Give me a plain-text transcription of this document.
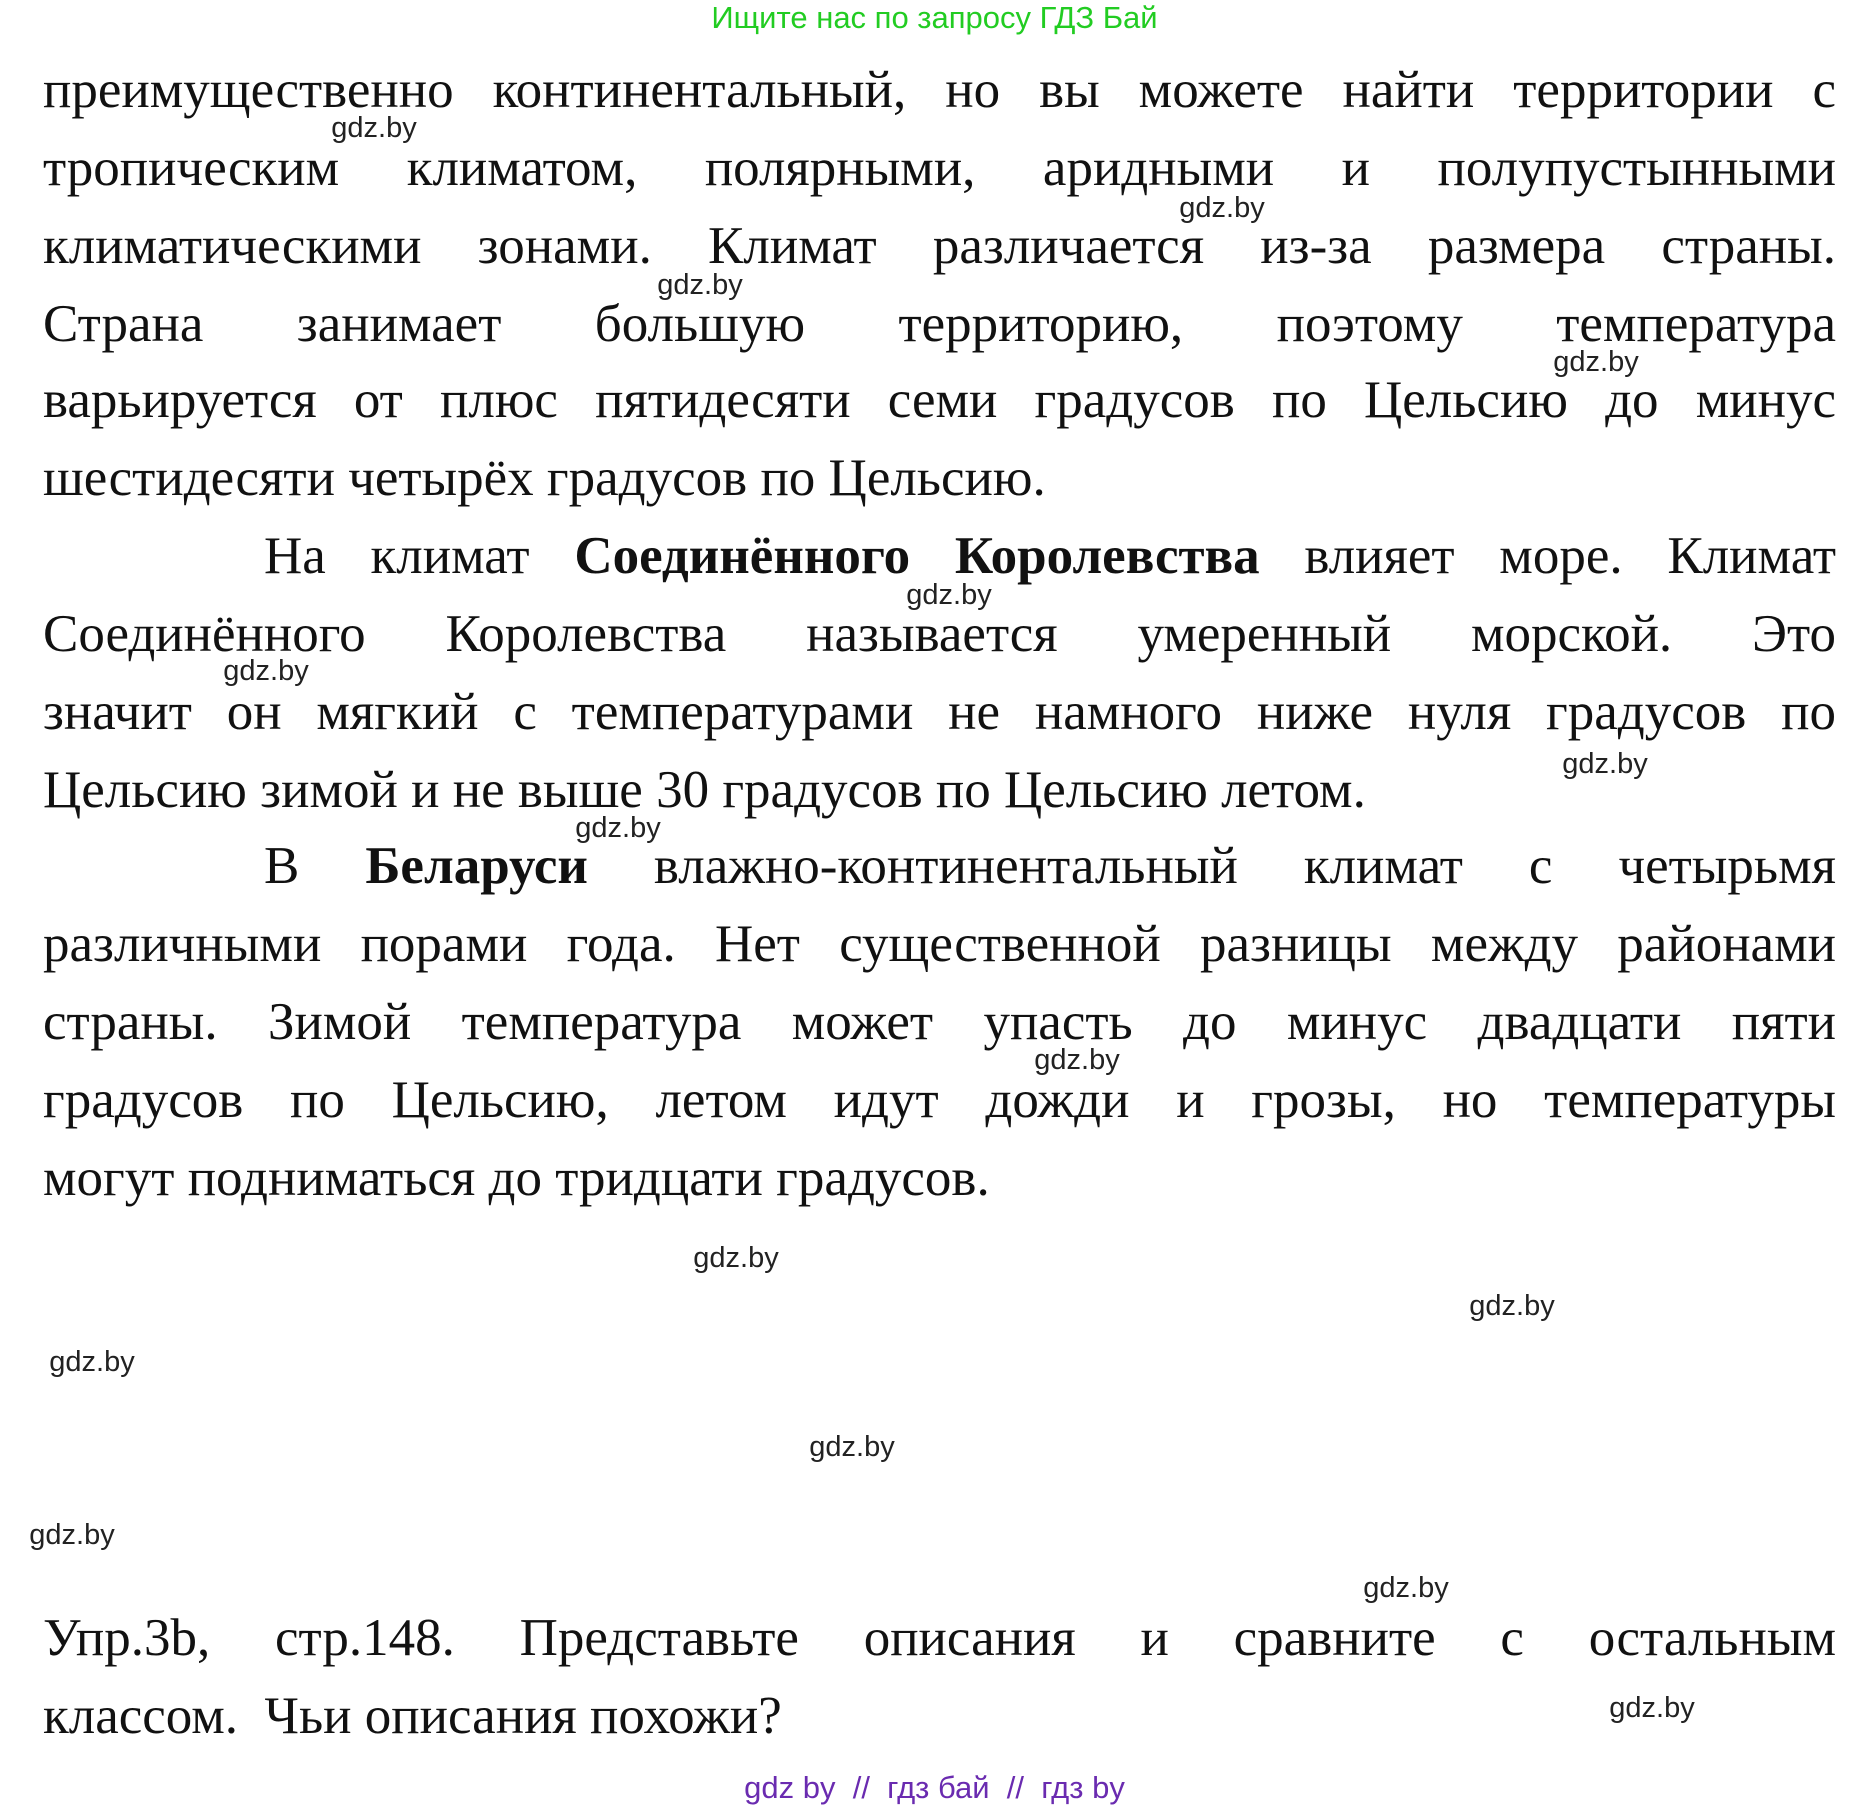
Ищите нас по запросу ГДЗ Бай
преимущественно континентальный, но вы можете найти территории с
тропическим климатом, полярными, аридными и полупустынными
климатическими зонами. Климат различается из-за размера страны.
Страна занимает большую территорию, поэтому температура
варьируется от плюс пятидесяти семи градусов по Цельсию до минус
шестидесяти четырёх градусов по Цельсию.
На климат Соединённого Королевства влияет море. Климат
Соединённого Королевства называется умеренный морской. Это
значит он мягкий с температурами не намного ниже нуля градусов по
Цельсию зимой и не выше 30 градусов по Цельсию летом.
В Беларуси влажно-континентальный климат с четырьмя
различными порами года. Нет существенной разницы между районами
страны. Зимой температура может упасть до минус двадцати пяти
градусов по Цельсию, летом идут дожди и грозы, но температуры
могут подниматься до тридцати градусов.
Упр.3b, стр.148. Представьте описания и сравните с остальным
классом.  Чьи описания похожи?
gdz.by
gdz.by
gdz.by
gdz.by
gdz.by
gdz.by
gdz.by
gdz.by
gdz.by
gdz.by
gdz.by
gdz.by
gdz.by
gdz.by
gdz.by
gdz.by
gdz by  //  гдз бай  //  гдз by
